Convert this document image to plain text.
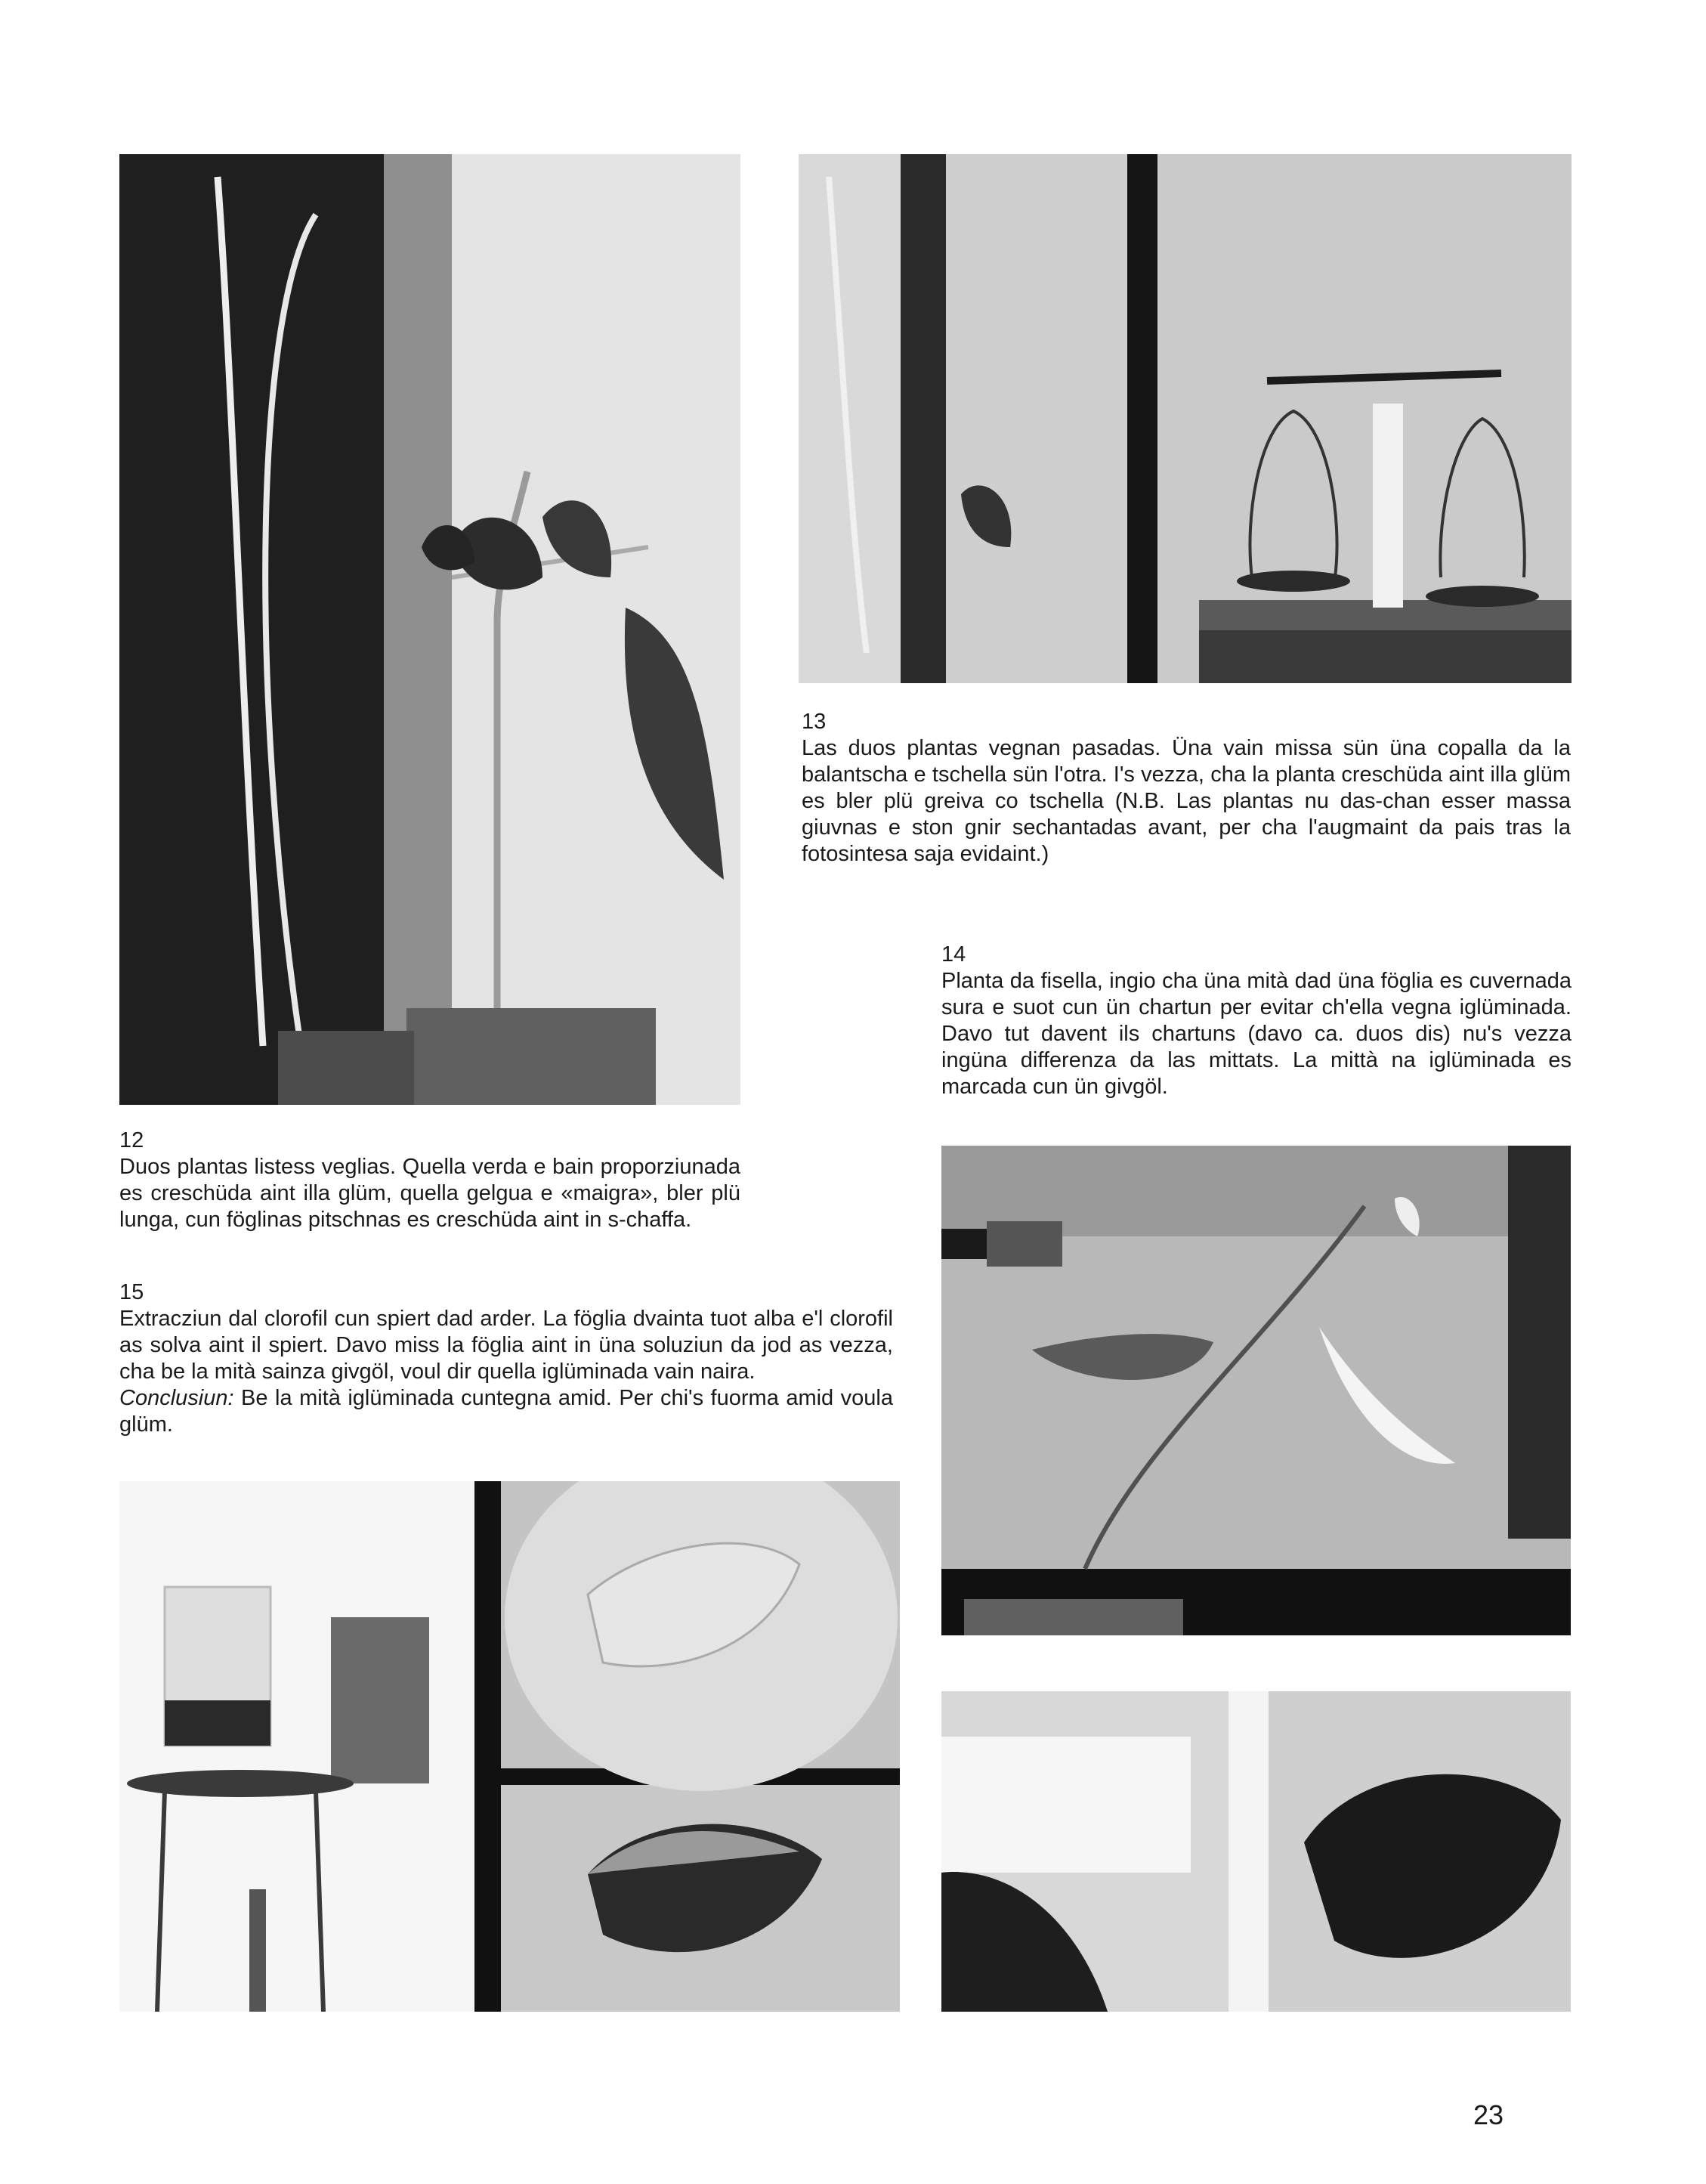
13

Las duos plantas vegnan pasadas. Üna vain missa sün üna copalla da la balantscha e tschella sün l'otra. I's vezza, cha la planta creschüda aint illa glüm es bler plü greiva co tschella (N.B. Las plantas nu das-chan esser massa giuvnas e ston gnir sechantadas avant, per cha l'augmaint da pais tras la fotosintesa saja evidaint.)

14

Planta da fisella, ingio cha üna mità dad üna föglia es cuvernada sura e suot cun ün chartun per evitar ch'ella vegna iglüminada. Davo tut davent ils chartuns (davo ca. duos dis) nu's vezza ingüna differenza da las mittats. La mittà na iglüminada es marcada cun ün givgöl.

12

Duos plantas listess veglias. Quella verda e bain proporziunada es creschüda aint illa glüm, quella gelgua e «maigra», bler plü lunga, cun föglinas pitschnas es creschüda aint in s-chaffa.

15

Extracziun dal clorofil cun spiert dad arder. La föglia dvainta tuot alba e'l clorofil as solva aint il spiert. Davo miss la föglia aint in üna soluziun da jod as vezza, cha be la mità sainza givgöl, voul dir quella iglüminada vain naira.

Conclusiun: Be la mità iglüminada cuntegna amid. Per chi's fuorma amid voula glüm.

23
